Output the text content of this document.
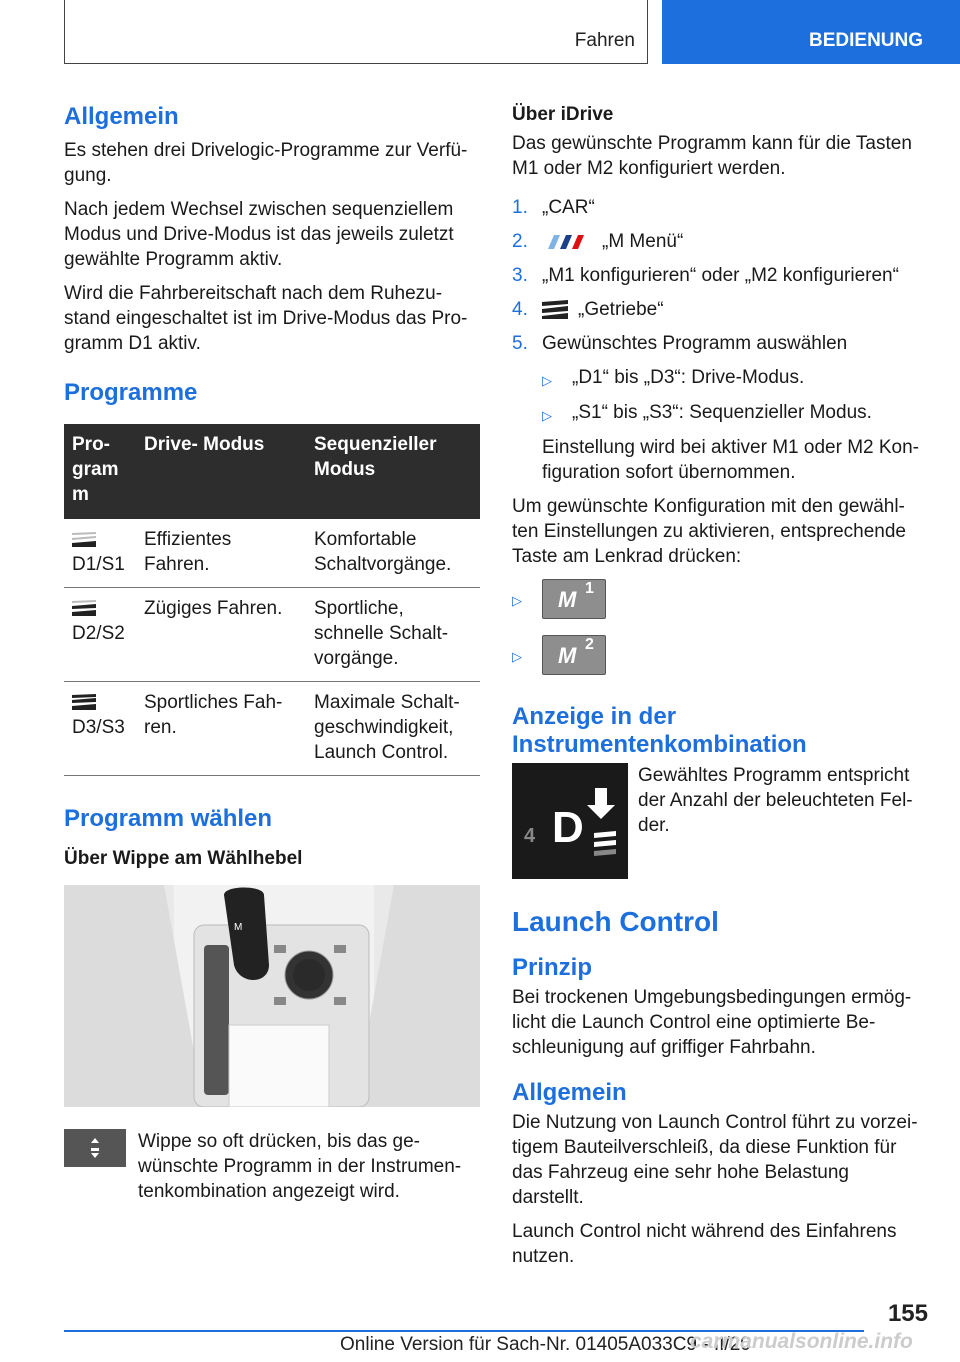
Fahren	BEDIENUNG
Allgemein

Es stehen drei Drivelogic-Programme zur Verfü-gung.

Nach jedem Wechsel zwischen sequenziellem Modus und Drive-Modus ist das jeweils zuletzt gewählte Programm aktiv.

Wird die Fahrbereitschaft nach dem Ruhezu-stand eingeschaltet ist im Drive-Modus das Pro-gramm D1 aktiv.

Programme
Pro-gram m	Drive- Modus	Sequenzieller Modus

D1/S1	Effizientes Fahren.	Komfortable Schaltvorgänge.

D2/S2	Zügiges Fahren.	Sportliche, schnelle Schalt-vorgänge.

D3/S3	Sportliches Fah-ren.	Maximale Schalt-geschwindigkeit, Launch Control.
Programm wählen
Über Wippe am Wählhebel
M

Wippe so oft drücken, bis das ge-wünschte Programm in der Instrumen-tenkombination angezeigt wird.

Über iDrive

Das gewünschte Programm kann für die Tasten M1 oder M2 konfiguriert werden.

1. „CAR“
2.	„M Menü“
3. „M1 konfigurieren“ oder „M2 konfigurieren“
4.	„Getriebe“
5. Gewünschtes Programm auswählen
▷	„D1“ bis „D3“: Drive-Modus.
▷	„S1“ bis „S3“: Sequenzieller Modus.

Einstellung wird bei aktiver M1 oder M2 Kon-figuration sofort übernommen.

Um gewünschte Konfiguration mit den gewähl-ten Einstellungen zu aktivieren, entsprechende Taste am Lenkrad drücken:

▷	M 1
▷	M 2
Anzeige in der Instrumentenkombination
4 D

Gewähltes Programm entspricht der Anzahl der beleuchteten Fel-der.

Launch Control
Prinzip

Bei trockenen Umgebungsbedingungen ermög-licht die Launch Control eine optimierte Be-schleunigung auf griffiger Fahrbahn.

Allgemein

Die Nutzung von Launch Control führt zu vorzei-tigem Bauteilverschleiß, da diese Funktion für das Fahrzeug eine sehr hohe Belastung darstellt.

Launch Control nicht während des Einfahrens nutzen.

155
Online Version für Sach-Nr. 01405A033C9 - II/20
carmanualsonline.info
